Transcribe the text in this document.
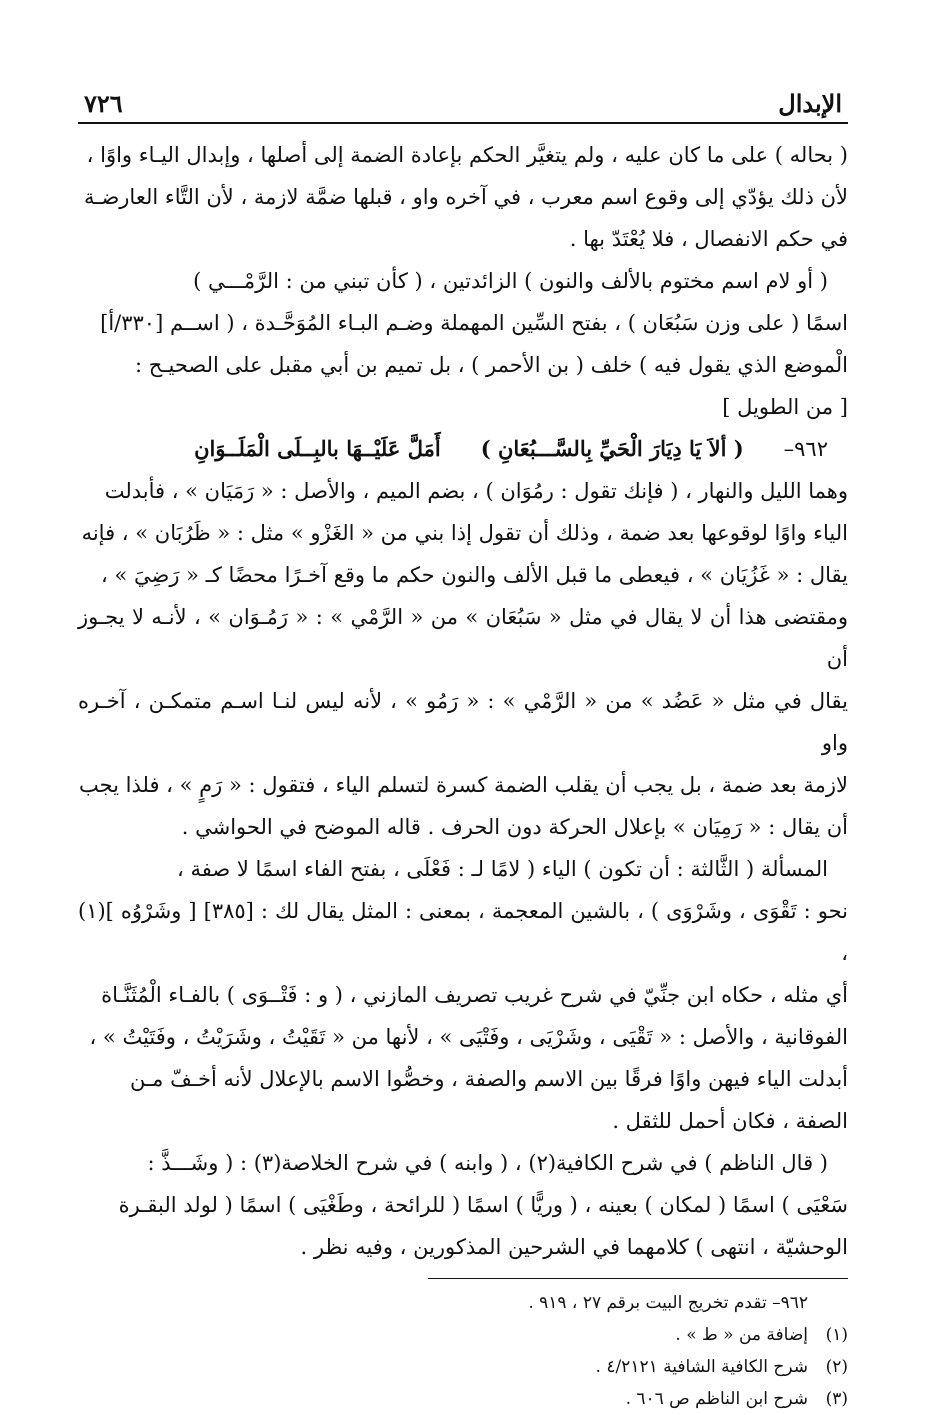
الإبدال
٧٢٦

( بحاله ) على ما كان عليه ، ولم يتغيَّر الحكم بإعادة الضمة إلى أصلها ، وإبدال اليـاء واوًا ،
لأن ذلك يؤدّي إلى وقوع اسم معرب ، في آخره واو ، قبلها ضمَّة لازمة ، لأن التَّاء العارضـة
في حكم الانفصال ، فلا يُعْتَدّ بها .

( أو لام اسم مختوم بالألف والنون ) الزائدتين ، ( كأن تبني من : الرَّمْـــي )
اسمًا ( على وزن سَبُعَان ) ، بفتح السِّين المهملة وضـم البـاء المُوَحَّـدة ، ( اســم [٣٣٠/أ]
الْموضع الذي يقول فيه ) خلف ( بن الأحمر ) ، بل تميم بن أبي مقبل على الصحيـح :

[ من الطويل ]

٩٦٢–
( ألاَ يَا دِيَارَ الْحَيِّ بِالسَّـــبُعَانِ )
أَمَلَّ عَلَيْــهَا بالبِــلَى الْمَلَــوَانِ

وهما الليل والنهار ، ( فإنك تقول : رمُوَان ) ، بضم الميم ، والأصل : « رَمَيَان » ، فأبدلت
الياء واوًا لوقوعها بعد ضمة ، وذلك أن تقول إذا بني من « الغَزْو » مثل : « ظَرُبَان » ، فإنه
يقال : « غَزُيَان » ، فيعطى ما قبل الألف والنون حكم ما وقع آخـرًا محضًا كـ « رَضِيَ » ،
ومقتضى هذا أن لا يقال في مثل « سَبُعَان » من « الرَّمْي » : « رَمُـوَان » ، لأنـه لا يجـوز أن
يقال في مثل « عَضُد » من « الرَّمْي » : « رَمُو » ، لأنه ليس لنـا اسـم متمكـن ، آخـره واو
لازمة بعد ضمة ، بل يجب أن يقلب الضمة كسرة لتسلم الياء ، فتقول : « رَمٍ » ، فلذا يجب
أن يقال : « رَمِيَان » بإعلال الحركة دون الحرف . قاله الموضح في الحواشي .

المسألة ( الثَّالثة : أن تكون ) الياء ( لامًا لـ : فَعْلَى ، بفتح الفاء اسمًا لا صفة ،
نحو : تَقْوَى ، وشَرْوَى ) ، بالشين المعجمة ، بمعنى : المثل يقال لك : [٣٨٥] [ وشَرْوُه ](١) ،
أي مثله ، حكاه ابن جنِّيّ في شرح غريب تصريف المازني ، ( و : فَتْــوَى ) بالفـاء الْمُثَنَّـاة
الفوقانية ، والأصل : « تَقْيَى ، وشَرْيَى ، وفَتْيَى » ، لأنها من « تَقَيْتُ ، وشَرَيْتُ ، وفَتَيْتُ » ،
أبدلت الياء فيهن واوًا فرقًا بين الاسم والصفة ، وخصُّوا الاسم بالإعلال لأنه أخـفّ مـن
الصفة ، فكان أحمل للثقل .

( قال الناظم ) في شرح الكافية(٢) ، ( وابنه ) في شرح الخلاصة(٣) : ( وشَـــذَّ :
سَعْيَى ) اسمًا ( لمكان ) بعينه ، ( وريًّا ) اسمًا ( للرائحة ، وطَغْيَى ) اسمًا ( لولد البقـرة
الوحشيّة ، انتهى ) كلامهما في الشرحين المذكورين ، وفيه نظر .

٩٦٢– تقدم تخريج البيت برقم ٢٧ ، ٩١٩ .
(١)
إضافة من « ط » .
(٢)
شرح الكافية الشافية ٤/٢١٢١ .
(٣)
شرح ابن الناظم ص ٦٠٦ .
